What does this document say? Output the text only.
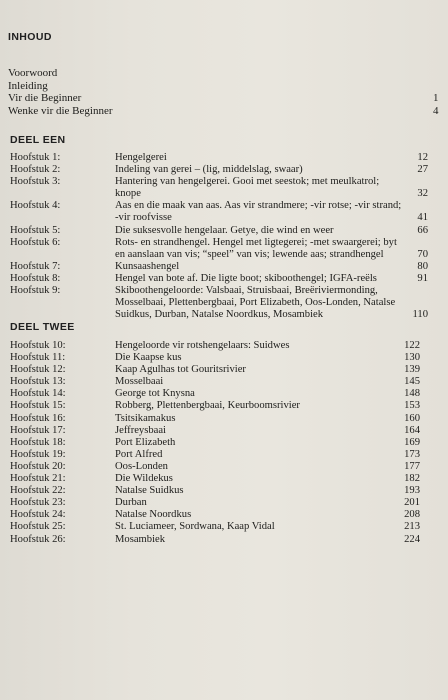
INHOUD
Voorwoord
Inleiding
Vir die Beginner	1
Wenke vir die Beginner	4
DEEL EEN
Hoofstuk 1:	Hengelgerei	12
Hoofstuk 2:	Indeling van gerei – (lig, middelslag, swaar)	27
Hoofstuk 3:	Hantering van hengelgerei. Gooi met seestok; met meulkatrol; knope	32
Hoofstuk 4:	Aas en die maak van aas. Aas vir strandmere; -vir rotse; -vir strand; -vir roofvisse	41
Hoofstuk 5:	Die suksesvolle hengelaar. Getye, die wind en weer	66
Hoofstuk 6:	Rots- en strandhengel. Hengel met ligtegerei; -met swaargerei; byt en aanslaan van vis; “speel” van vis; lewende aas; strandhengel	70
Hoofstuk 7:	Kunsaashengel	80
Hoofstuk 8:	Hengel van bote af. Die ligte boot; skiboothengel; IGFA-reëls	91
Hoofstuk 9:	Skiboothengeloorde: Valsbaai, Struisbaai, Breëriviermonding, Mosselbaai, Plettenbergbaai, Port Elizabeth, Oos-Londen, Natalse Suidkus, Durban, Natalse Noordkus, Mosambiek	110
DEEL TWEE
Hoofstuk 10:	Hengeloorde vir rotshengelaars: Suidwes	122
Hoofstuk 11:	Die Kaapse kus	130
Hoofstuk 12:	Kaap Agulhas tot Gouritsrivier	139
Hoofstuk 13:	Mosselbaai	145
Hoofstuk 14:	George tot Knysna	148
Hoofstuk 15:	Robberg, Plettenbergbaai, Keurboomsrivier	153
Hoofstuk 16:	Tsitsikamakus	160
Hoofstuk 17:	Jeffreysbaai	164
Hoofstuk 18:	Port Elizabeth	169
Hoofstuk 19:	Port Alfred	173
Hoofstuk 20:	Oos-Londen	177
Hoofstuk 21:	Die Wildekus	182
Hoofstuk 22:	Natalse Suidkus	193
Hoofstuk 23:	Durban	201
Hoofstuk 24:	Natalse Noordkus	208
Hoofstuk 25:	St. Luciameer, Sordwana, Kaap Vidal	213
Hoofstuk 26:	Mosambiek	224
